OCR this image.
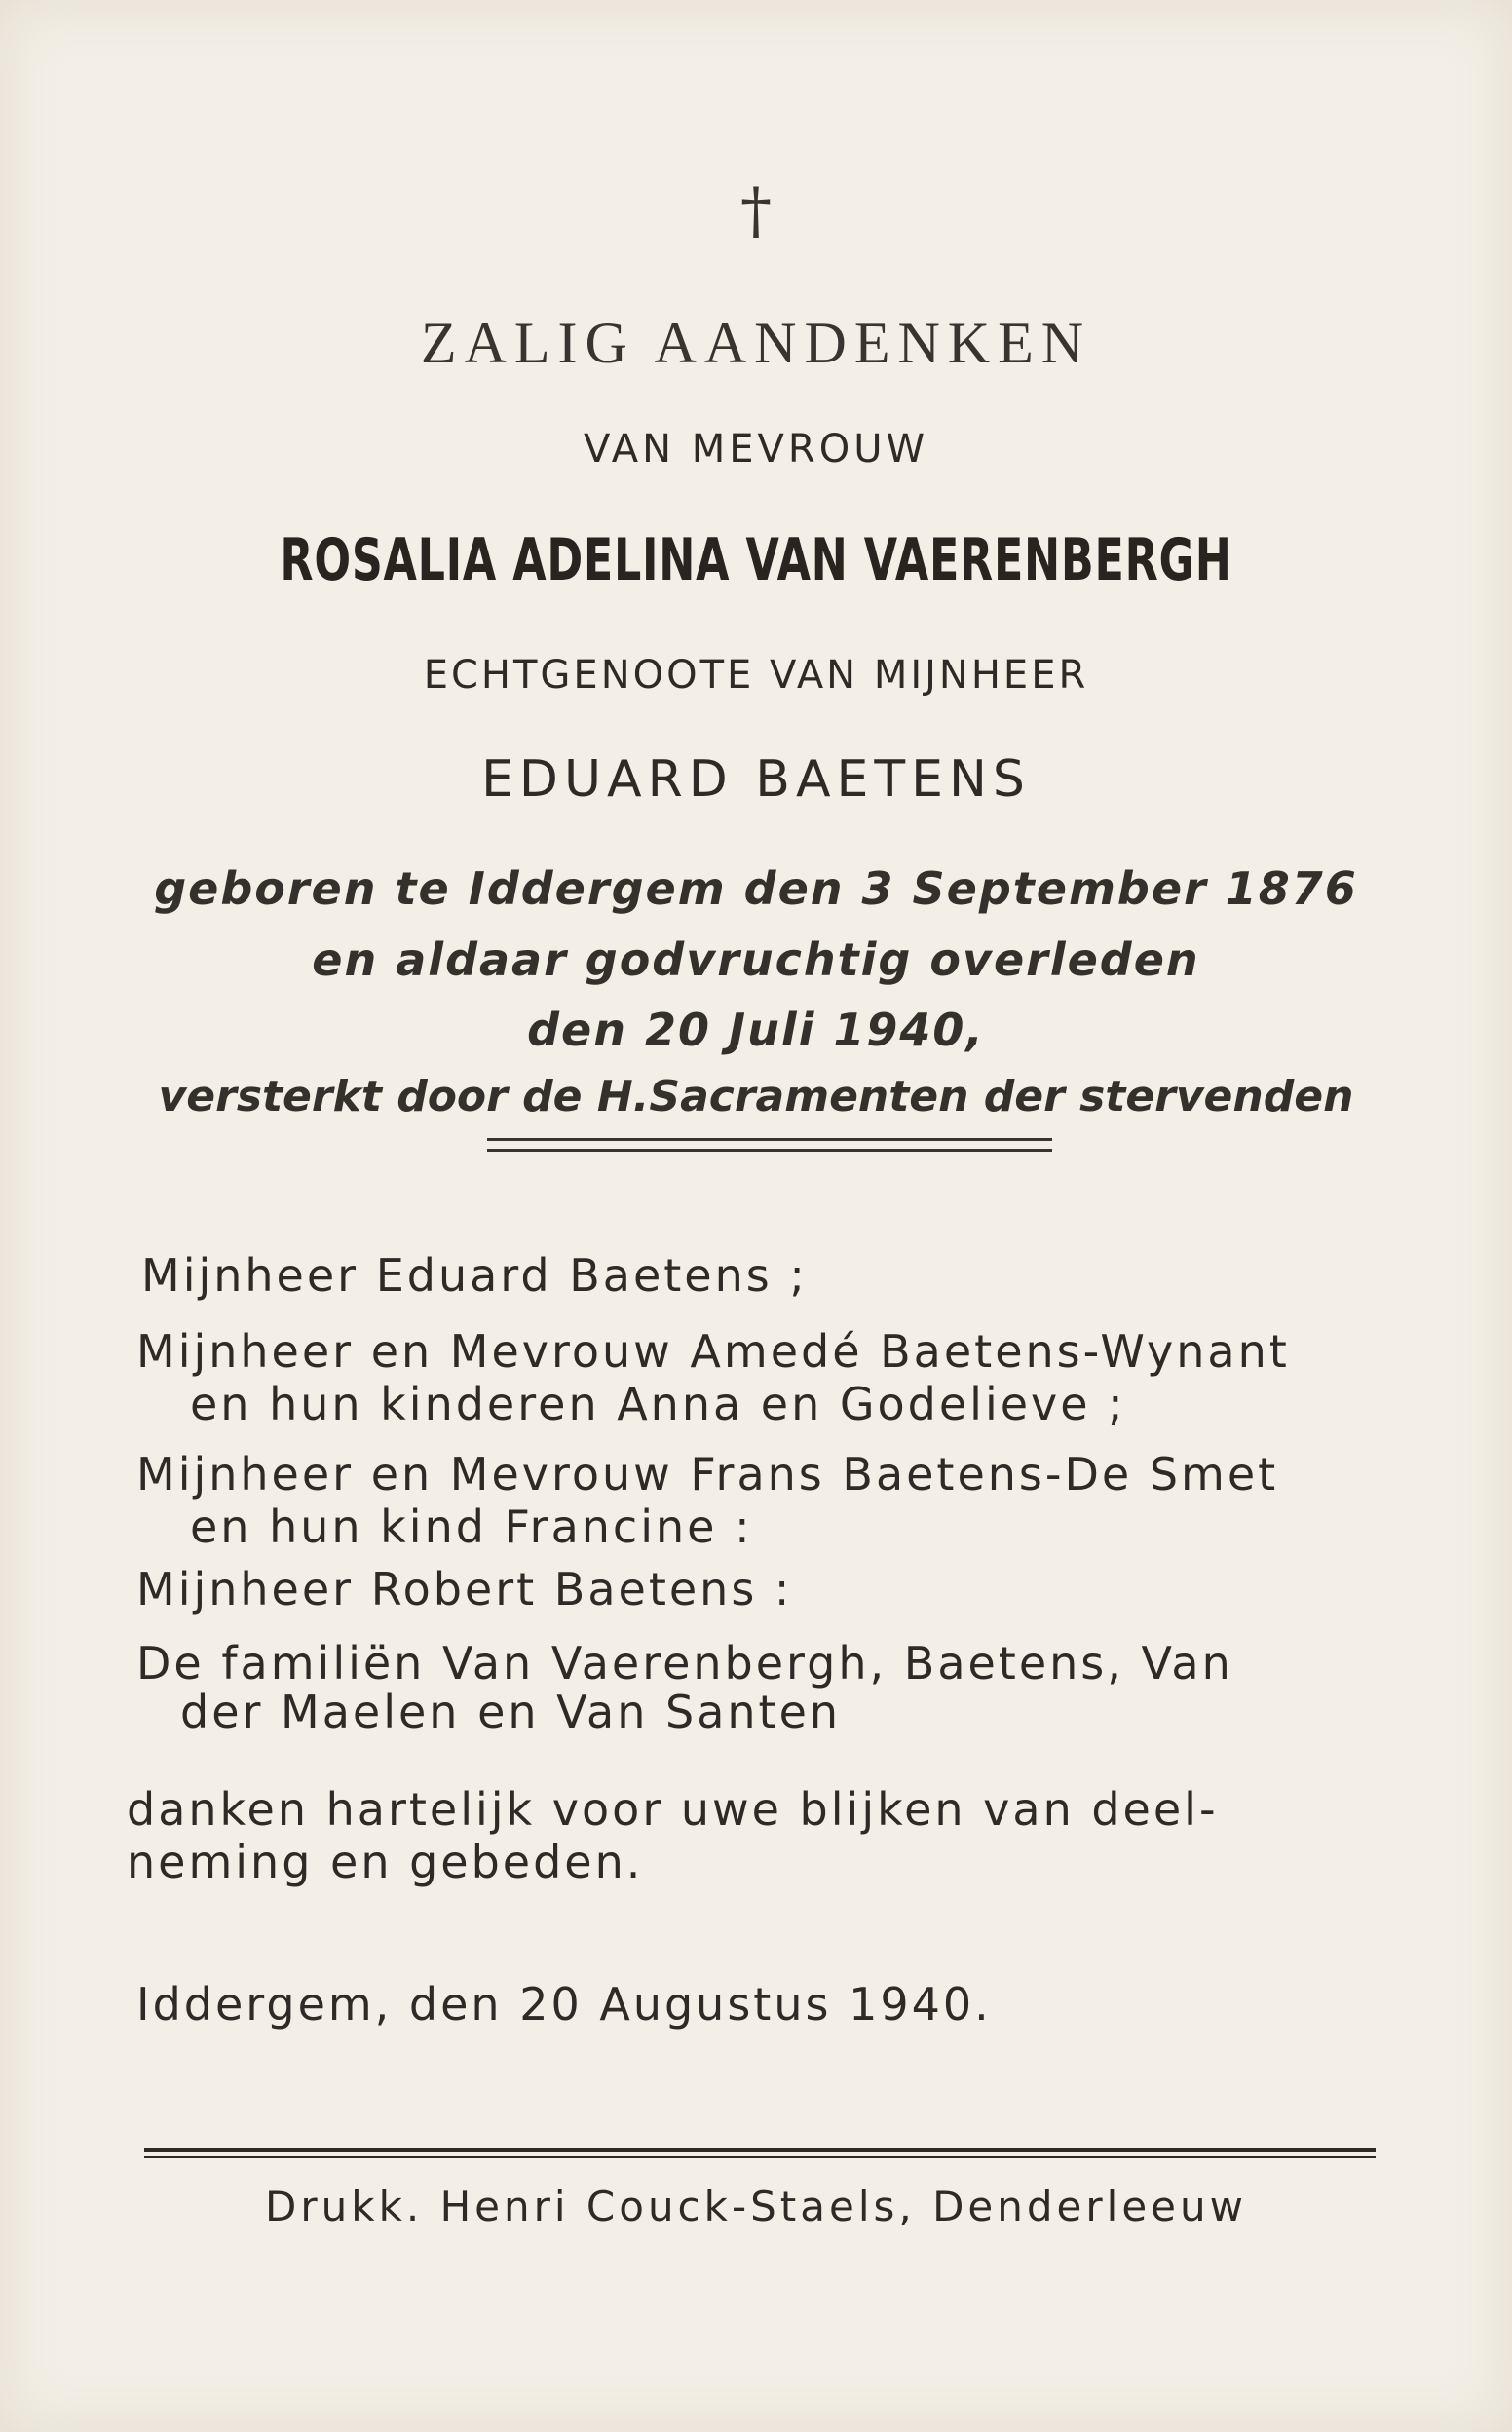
†
ZALIG AANDENKEN
VAN MEVROUW
ROSALIA ADELINA VAN VAERENBERGH
ECHTGENOOTE VAN MIJNHEER
EDUARD BAETENS
geboren te Iddergem den 3 September 1876
en aldaar godvruchtig overleden
den 20 Juli 1940,
versterkt door de H.Sacramenten der stervenden
Mijnheer Eduard Baetens ;
Mijnheer en Mevrouw Amedé Baetens-Wynant
en hun kinderen Anna en Godelieve ;
Mijnheer en Mevrouw Frans Baetens-De Smet
en hun kind Francine :
Mijnheer Robert Baetens :
De familiën Van Vaerenbergh, Baetens, Van
der Maelen en Van Santen
danken hartelijk voor uwe blijken van deel-
neming en gebeden.
Iddergem, den 20 Augustus 1940.
Drukk. Henri Couck-Staels, Denderleeuw
